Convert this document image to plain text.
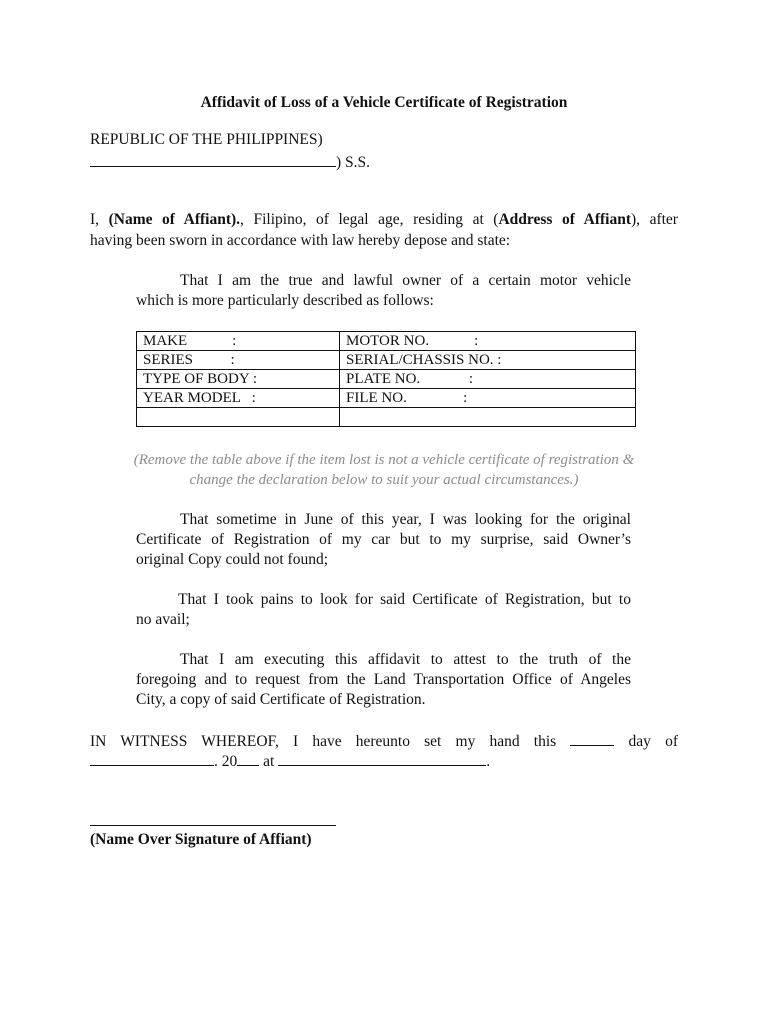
Affidavit of Loss of a Vehicle Certificate of Registration
REPUBLIC OF THE PHILIPPINES)
) S.S.
I, (Name of Affiant)., Filipino, of legal age, residing at (Address of Affiant), after
having been sworn in accordance with law hereby depose and state:
That I am the true and lawful owner of a certain motor vehicle
which is more particularly described as follows:
MAKE            :	MOTOR NO.            :
SERIES          :	SERIAL/CHASSIS NO. :
TYPE OF BODY :	PLATE NO.             :
YEAR MODEL   :	FILE NO.               :

(Remove the table above if the item lost is not a vehicle certificate of registration &
change the declaration below to suit your actual circumstances.)
That sometime in June of this year, I was looking for the original
Certificate of Registration of my car but to my surprise, said Owner’s
original Copy could not found;
That I took pains to look for said Certificate of Registration, but to
no avail;
That I am executing this affidavit to attest to the truth of the
foregoing and to request from the Land Transportation Office of Angeles
City, a copy of said Certificate of Registration.
IN WITNESS WHEREOF, I have hereunto set my hand this	day of
. 20 at	.
(Name Over Signature of Affiant)
